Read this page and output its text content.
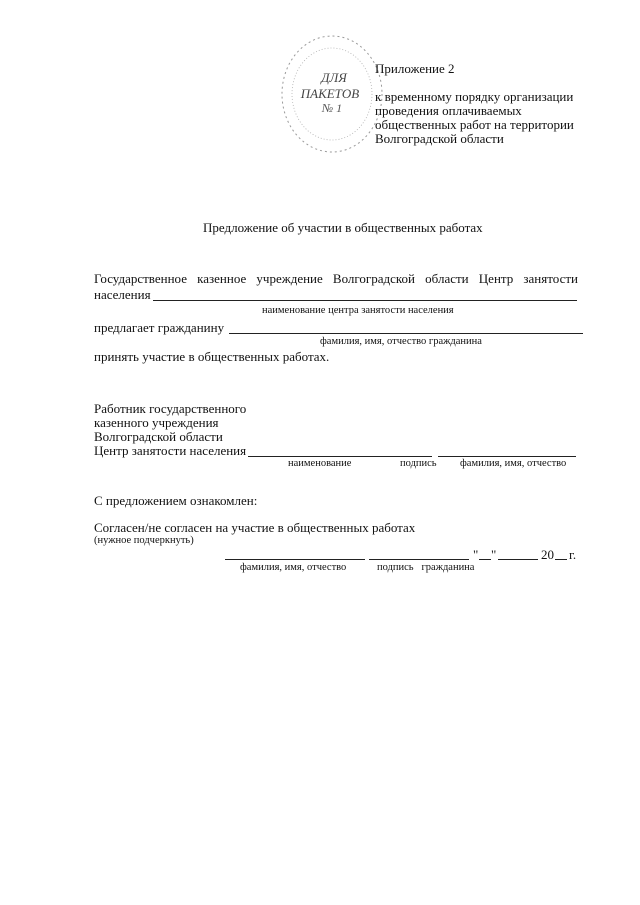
ДЛЯ
ПАКЕТОВ
№ 1
Приложение 2
к временному порядку организации
проведения оплачиваемых
общественных работ на территории
Волгоградской области
Предложение об участии в общественных работах
Государственное казенное учреждение Волгоградской области Центр занятости
населения
наименование центра занятости населения
предлагает гражданину
фамилия, имя, отчество гражданина
принять участие в общественных работах.
Работник государственного
казенного учреждения
Волгоградской области
Центр занятости населения
наименование	подпись фамилия, имя, отчество
С предложением ознакомлен:
Согласен/не согласен на участие в общественных работах
(нужное подчеркнуть)
" "	20 г.
фамилия, имя, отчество	подпись   гражданина
